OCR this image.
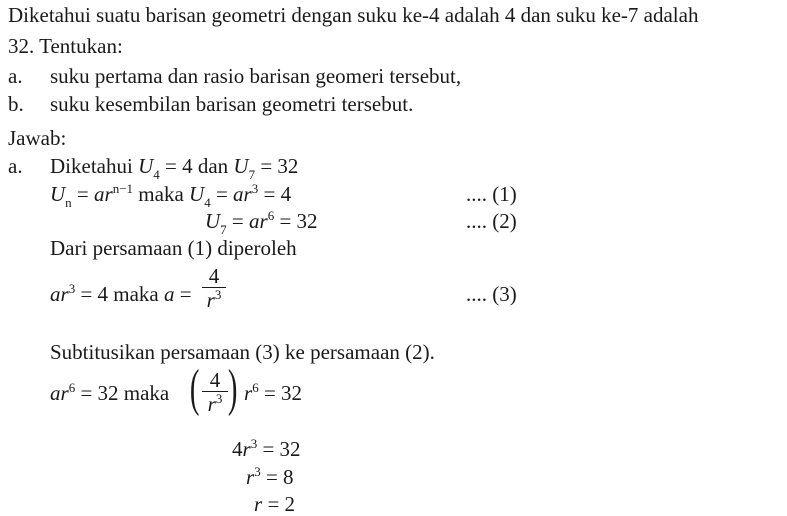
Diketahui suatu barisan geometri dengan suku ke-4 adalah 4 dan suku ke-7 adalah
32. Tentukan:
a. suku pertama dan rasio barisan geomeri tersebut,
b. suku kesembilan barisan geometri tersebut.
Jawab:
a. Diketahui $U_4 = 4$ dan $U_7 = 32$
$U_n = ar^{n-1}$ maka $U_4 = ar^3 = 4$	.... (1)
$U_7 = ar^6 = 32$	.... (2)
Dari persamaan (1) diperoleh
$ar^3 = 4$ maka a =
4
$r^3$	.... (3)
Subtitusikan persamaan (3) ke persamaan (2).
$ar^6 = 32$ maka ( 4
$r^3$ ) $r^6 = 32$
$4r^3 = 32$
$r^3 = 8$
r = 2
